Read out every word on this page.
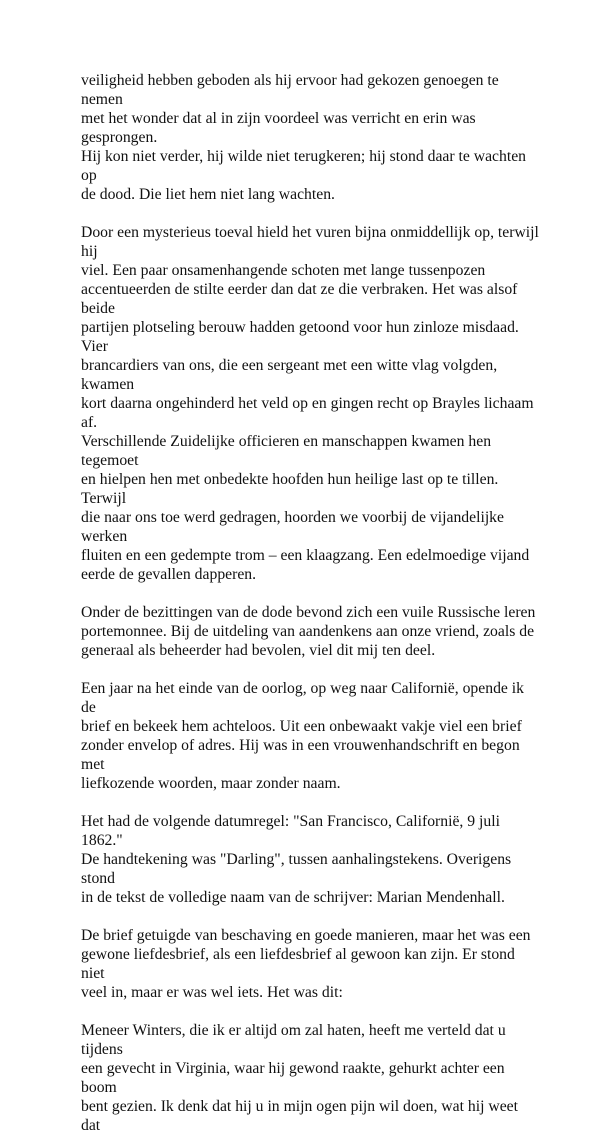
veiligheid hebben geboden als hij ervoor had gekozen genoegen te nemen
met het wonder dat al in zijn voordeel was verricht en erin was gesprongen.
Hij kon niet verder, hij wilde niet terugkeren; hij stond daar te wachten op
de dood. Die liet hem niet lang wachten.

Door een mysterieus toeval hield het vuren bijna onmiddellijk op, terwijl hij
viel. Een paar onsamenhangende schoten met lange tussenpozen
accentueerden de stilte eerder dan dat ze die verbraken. Het was alsof beide
partijen plotseling berouw hadden getoond voor hun zinloze misdaad. Vier
brancardiers van ons, die een sergeant met een witte vlag volgden, kwamen
kort daarna ongehinderd het veld op en gingen recht op Brayles lichaam af.
Verschillende Zuidelijke officieren en manschappen kwamen hen tegemoet
en hielpen hen met onbedekte hoofden hun heilige last op te tillen. Terwijl
die naar ons toe werd gedragen, hoorden we voorbij de vijandelijke werken
fluiten en een gedempte trom – een klaagzang. Een edelmoedige vijand
eerde de gevallen dapperen.

Onder de bezittingen van de dode bevond zich een vuile Russische leren
portemonnee. Bij de uitdeling van aandenkens aan onze vriend, zoals de
generaal als beheerder had bevolen, viel dit mij ten deel.

Een jaar na het einde van de oorlog, op weg naar Californië, opende ik de
brief en bekeek hem achteloos. Uit een onbewaakt vakje viel een brief
zonder envelop of adres. Hij was in een vrouwenhandschrift en begon met
liefkozende woorden, maar zonder naam.

Het had de volgende datumregel: "San Francisco, Californië, 9 juli 1862."
De handtekening was "Darling", tussen aanhalingstekens. Overigens stond
in de tekst de volledige naam van de schrijver: Marian Mendenhall.

De brief getuigde van beschaving en goede manieren, maar het was een
gewone liefdesbrief, als een liefdesbrief al gewoon kan zijn. Er stond niet
veel in, maar er was wel iets. Het was dit:

Meneer Winters, die ik er altijd om zal haten, heeft me verteld dat u tijdens
een gevecht in Virginia, waar hij gewond raakte, gehurkt achter een boom
bent gezien. Ik denk dat hij u in mijn ogen pijn wil doen, wat hij weet dat
